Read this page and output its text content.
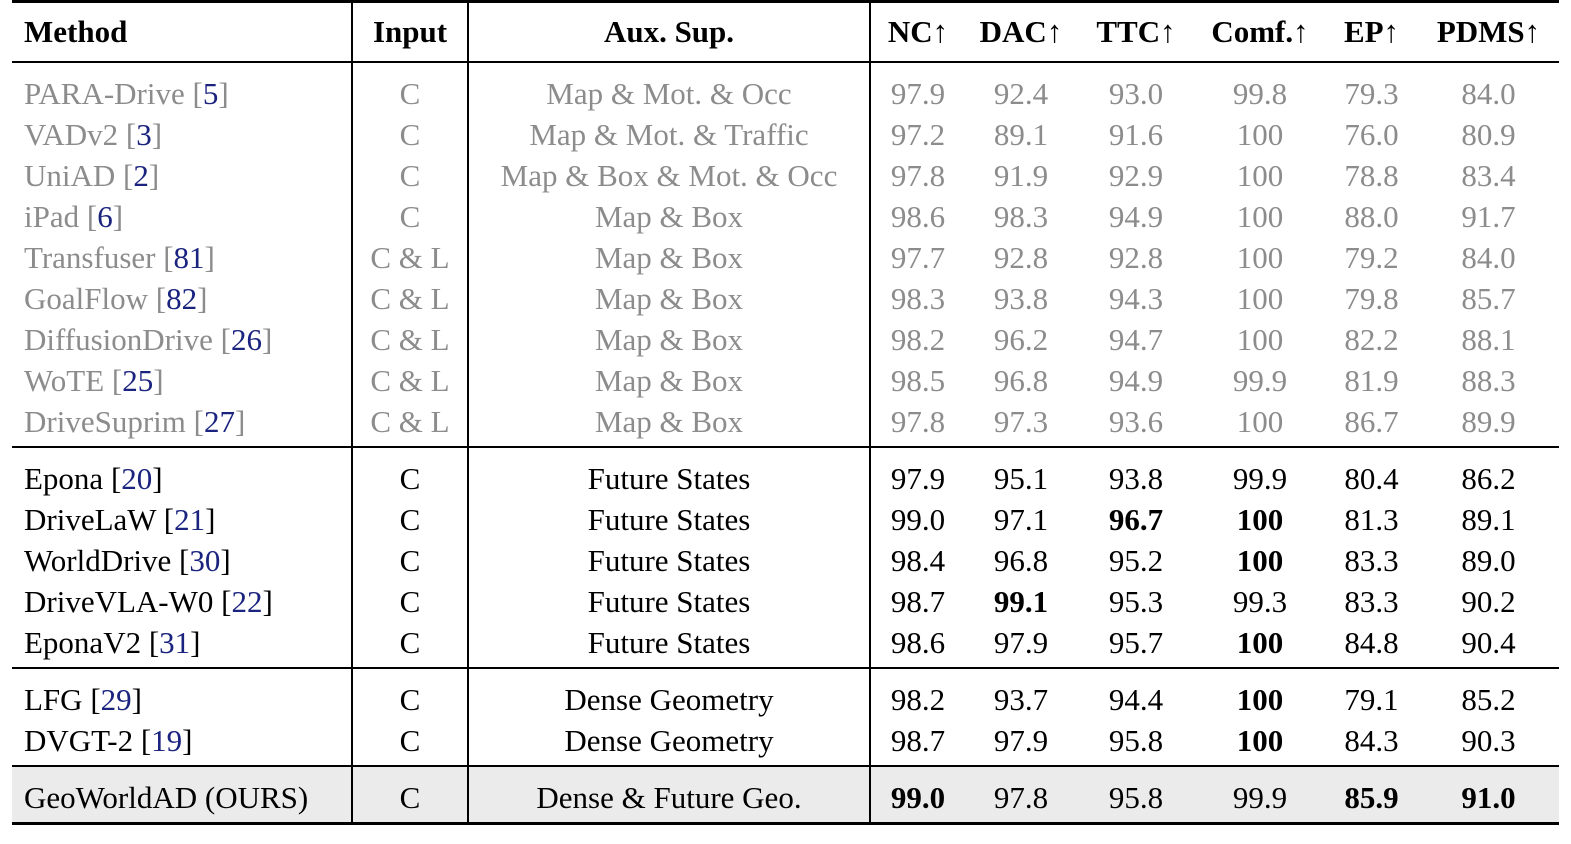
Method	Input	Aux. Sup.	NC↑	DAC↑	TTC↑	Comf.↑	EP↑	PDMS↑
PARA-Drive [5]	C	Map & Mot. & Occ	97.9	92.4	93.0	99.8	79.3	84.0
VADv2 [3]	C	Map & Mot. & Traffic	97.2	89.1	91.6	100	76.0	80.9
UniAD [2]	C	Map & Box & Mot. & Occ	97.8	91.9	92.9	100	78.8	83.4
iPad [6]	C	Map & Box	98.6	98.3	94.9	100	88.0	91.7
Transfuser [81]	C & L	Map & Box	97.7	92.8	92.8	100	79.2	84.0
GoalFlow [82]	C & L	Map & Box	98.3	93.8	94.3	100	79.8	85.7
DiffusionDrive [26]	C & L	Map & Box	98.2	96.2	94.7	100	82.2	88.1
WoTE [25]	C & L	Map & Box	98.5	96.8	94.9	99.9	81.9	88.3
DriveSuprim [27]	C & L	Map & Box	97.8	97.3	93.6	100	86.7	89.9
Epona [20]	C	Future States	97.9	95.1	93.8	99.9	80.4	86.2
DriveLaW [21]	C	Future States	99.0	97.1	96.7	100	81.3	89.1
WorldDrive [30]	C	Future States	98.4	96.8	95.2	100	83.3	89.0
DriveVLA-W0 [22]	C	Future States	98.7	99.1	95.3	99.3	83.3	90.2
EponaV2 [31]	C	Future States	98.6	97.9	95.7	100	84.8	90.4
LFG [29]	C	Dense Geometry	98.2	93.7	94.4	100	79.1	85.2
DVGT-2 [19]	C	Dense Geometry	98.7	97.9	95.8	100	84.3	90.3
GeoWorldAD (OURS)	C	Dense & Future Geo.	99.0	97.8	95.8	99.9	85.9	91.0
